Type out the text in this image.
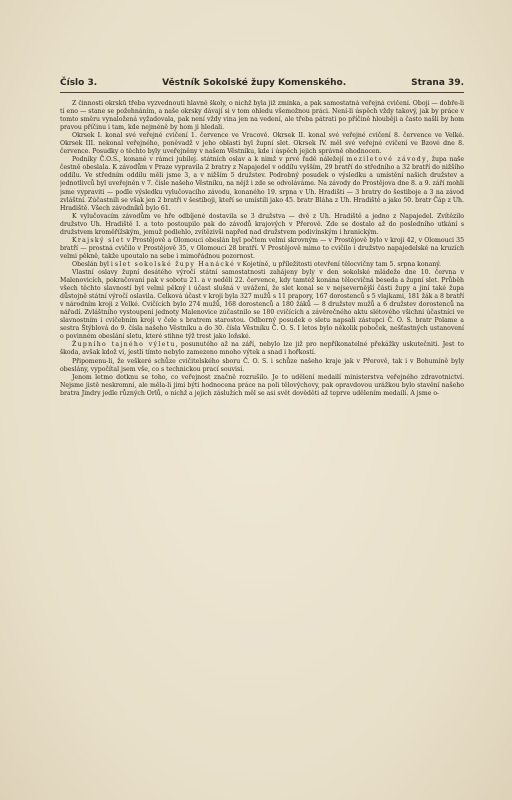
Číslo 3.	Věstník Sokolské župy Komenského.	Strana 39.

Z činnosti okrsků třeba vyzvednouti hlavně školy, o nichž byla již zmínka, a pak samostatná veřejná cvičení. Obojí — dobře-li tí eno — stane se požehnáním, a naše okrsky dávají si v tom ohledu všemožnou práci. Není-li úspěch vždy takový, jak by práce v tomto směru vynaložená vyžadovala, pak není vždy vina jen na vedení, ale třeba pátrati po příčině hlouběji a často našli by hom pravou příčinu i tam, kde nejméně by hom ji hledali.

Okrsek I. konal své veřejné cvičení 1. července ve Vracově. Okrsek II. konal své veřejné cvičení 8. července ve Velké. Okrsek III. nekonal veřejného, poněvadž v jeho oblasti byl župní slet. Okrsek IV. měl své veřejné cvičení ve Bzové dne 8. července. Posudky o těchto byly uveřejněny v našem Věstníku, kde i úspěch jejich správně ohodnocen.

Podniky Č.O.S., konané v rámci jubilej. státních oslav a k nimž v prvé řadě náležejí meziletové závody, župa naše čestně obeslala. K závodům v Praze vypravila 2 bratry z Napajedel v oddílu vyšším, 29 bratří do středního a 32 bratří do nižšího oddílu. Ve středním oddílu měli jsme 3, a v nižším 5 družstev. Podrobný posudek o výsledku a umístění našich družstev a jednotlivců byl uveřejněn v 7. čísle našeho Věstníku, na nějž i zde se odvoláváme. Na závody do Prostějova dne 8. a 9. září mohli jsme vypraviti — podle výsledku vylučovacího závodu, konaného 19. srpna v Uh. Hradišti — 3 bratry do šestiboje a 3 na závod zvláštní. Zúčastnili se však jen 2 bratři v šestiboji, kteří se umístili jako 45. bratr Bláha z Uh. Hradiště a jako 50. bratr Čáp z Uh. Hradiště. Všech závodníků bylo 61.

K vylučovacím závodům ve hře odbíjené dostavila se 3 družstva — dvě z Uh. Hradiště a jedno z Napajedel. Zvítězilo družstvo Uh. Hradiště I. a toto postoupilo pak do závodů krajových v Přerově. Zde se dostalo až do posledního utkání s družstvem kroměřížským, jemuž podlehlo, zvítězivši napřed nad družstvem podivínským i hranickým.

Krajský slet v Prostějově a Olomouci obeslán byl počtem velmi skrovným — v Prostějově bylo v kroji 42, v Olomouci 35 bratří — prostná cvičilo v Prostějově 35, v Olomouci 28 bratří. V Prostějově mimo to cvičilo i družstvo napajedelské na kruzích velmi pěkně, takže upoutalo na sebe i mimořádnou pozornost.

Obeslán byl i slet sokolské župy Hanácké v Kojetíně, u příležitosti otevření tělocvičny tam 5. srpna konaný.

Vlastní oslavy župní desátého výročí státní samostatnosti zahájeny byly v den sokolské mládeže dne 10. června v Malenovicích, pokračovaní pak v sobotu 21. a v neděli 22. července, kdy tamtéž konána tělocvičná beseda a župní slet. Průběh všech těchto slavností byl velmi pěkný i účast slušná v uvážení, že slet konal se v nejsevernější části župy a jiní také župa důstojně státní výročí oslavila. Celková účast v kroji byla 327 mužů s 11 prapory, 167 dorostenců s 5 vlajkami, 181 žák a 8 bratří v národním kroji z Velké. Cvičících bylo 274 mužů, 168 dorostenců a 180 žáků — 8 družstev mužů a 6 družstev dorostenců na nářadí. Zvláštního vystoupení jednoty Malenovice zúčastnilo se 180 cvičících a závěrečného aktu slétového všichni účastníci ve slavnostním i cvičebním kroji v čele s bratrem starostou. Odborný posudek o sletu napsali zástupci Č. O. S. bratr Polame a sestra Štýblová do 9. čísla našeho Věstníku a do 30. čísla Věstníku Č. O. S. I letos bylo několik poboček, nešťastných ustanovení o povinném obeslání sletu, které stihne týž trest jako loňské.

Župního tajného výletu, posunutého až na září, nebylo lze již pro nepříkonatelné překážky uskutečniti. Jest to škoda, avšak kdož ví, jestli tímto nebylo zamezeno mnoho výtek a snad i hořkostí.

Připomenu-li, že veškeré schůze cvičitelského sboru Č. O. S. i schůze našeho kraje jak v Přerově, tak i v Bohumíně byly obeslány, vypočítal jsem vše, co s technickou prací souvisí.

Jenom letmo dotknu se toho, co veřejnost značně rozrušilo. Je to udělení medailí ministerstva veřejného zdravotnictví. Nejsme jistě neskromní, ale měla-li jimi býti hodnocena práce na poli tělovýchovy, pak opravdovou urážkou bylo stavění našeho bratra Jindry jedle různých Orlů, o nichž a jejich záslužích měl se asi svět dověděti až teprve udělením medailí. A jsme o-
